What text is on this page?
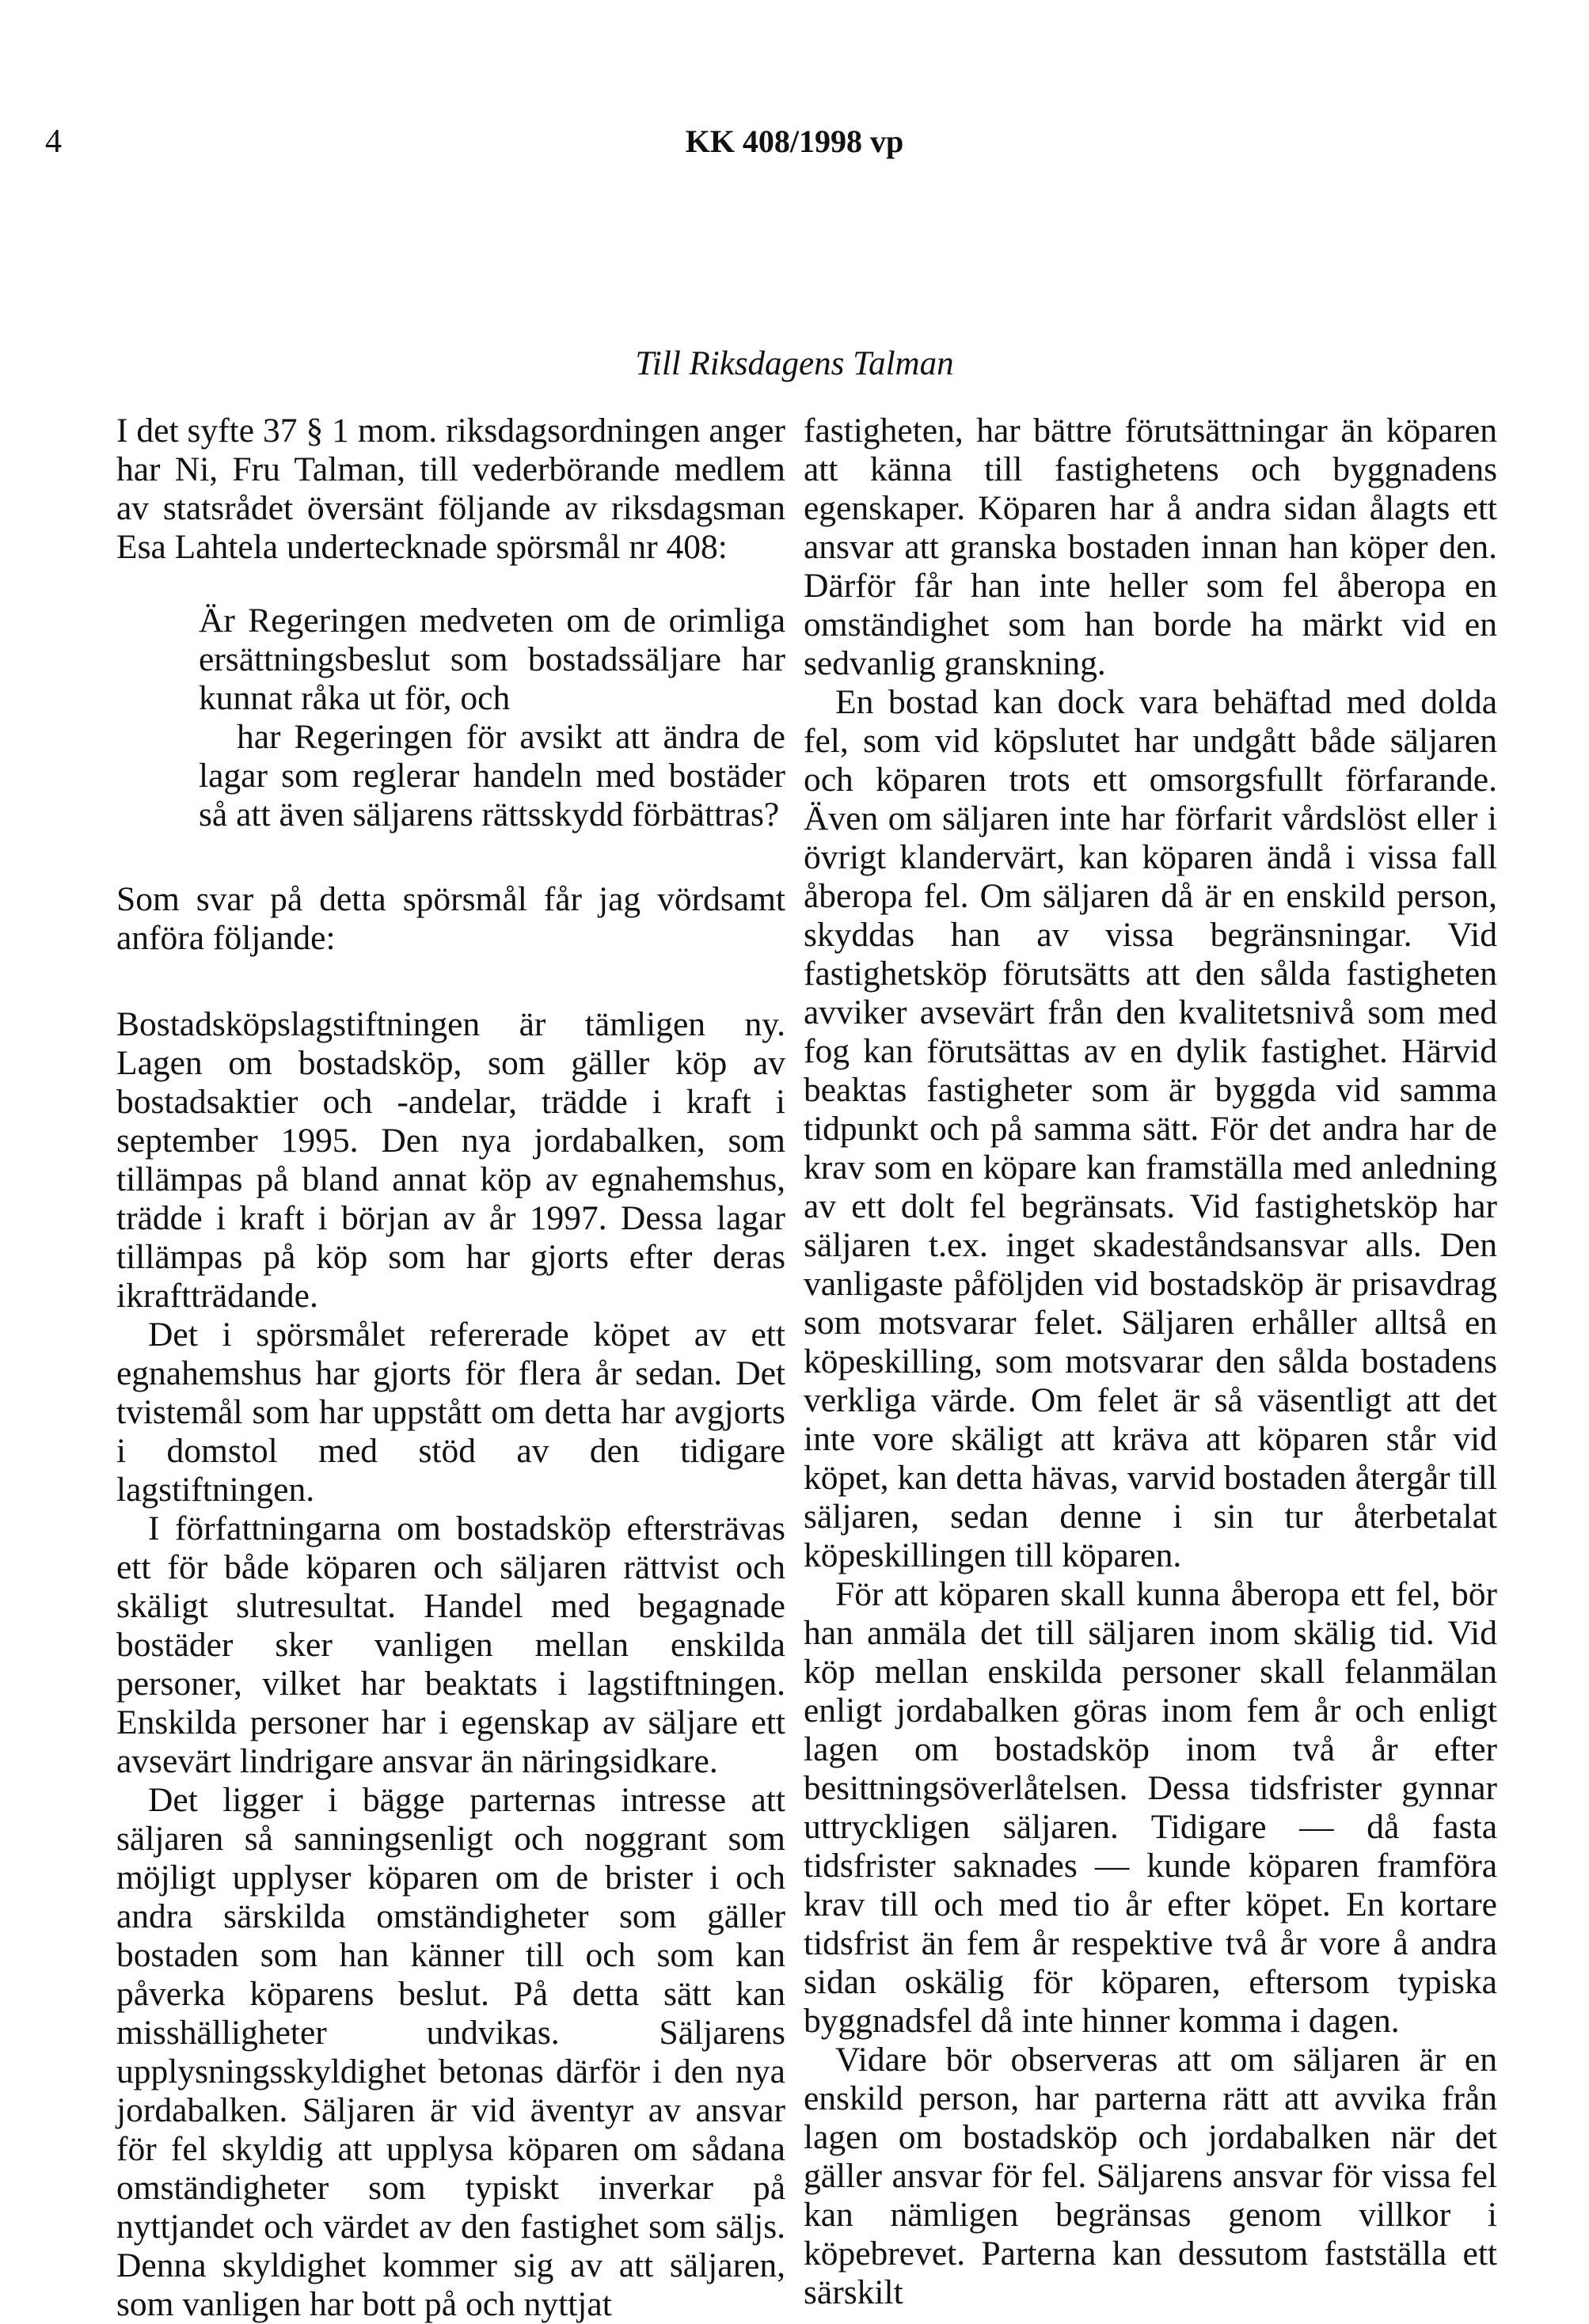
4	KK 408/1998 vp
Till Riksdagens Talman

I det syfte 37 § 1 mom. riksdagsordningen anger har Ni, Fru Talman, till vederbörande medlem av statsrådet översänt följande av riksdagsman Esa Lahtela undertecknade spörsmål nr 408:

Är Regeringen medveten om de orimliga ersättningsbeslut som bostadssäljare har kunnat råka ut för, och

har Regeringen för avsikt att ändra de lagar som reglerar handeln med bostäder så att även säljarens rättsskydd förbättras?

Som svar på detta spörsmål får jag vördsamt anföra följande:

Bostadsköpslagstiftningen är tämligen ny. Lagen om bostadsköp, som gäller köp av bostadsaktier och -andelar, trädde i kraft i september 1995. Den nya jordabalken, som tillämpas på bland annat köp av egnahemshus, trädde i kraft i början av år 1997. Dessa lagar tillämpas på köp som har gjorts efter deras ikraftträdande.

Det i spörsmålet refererade köpet av ett egnahemshus har gjorts för flera år sedan. Det tvistemål som har uppstått om detta har avgjorts i domstol med stöd av den tidigare lagstiftningen.

I författningarna om bostadsköp eftersträvas ett för både köparen och säljaren rättvist och skäligt slutresultat. Handel med begagnade bostäder sker vanligen mellan enskilda personer, vilket har beaktats i lagstiftningen. Enskilda personer har i egenskap av säljare ett avsevärt lindrigare ansvar än näringsidkare.

Det ligger i bägge parternas intresse att säljaren så sanningsenligt och noggrant som möjligt upplyser köparen om de brister i och andra särskilda omständigheter som gäller bostaden som han känner till och som kan påverka köparens beslut. På detta sätt kan misshälligheter undvikas. Säljarens upplysningsskyldighet betonas därför i den nya jordabalken. Säljaren är vid äventyr av ansvar för fel skyldig att upplysa köparen om sådana omständigheter som typiskt inverkar på nyttjandet och värdet av den fastighet som säljs. Denna skyldighet kommer sig av att säljaren, som vanligen har bott på och nyttjat

fastigheten, har bättre förutsättningar än köparen att känna till fastighetens och byggnadens egenskaper. Köparen har å andra sidan ålagts ett ansvar att granska bostaden innan han köper den. Därför får han inte heller som fel åberopa en omständighet som han borde ha märkt vid en sedvanlig granskning.

En bostad kan dock vara behäftad med dolda fel, som vid köpslutet har undgått både säljaren och köparen trots ett omsorgsfullt förfarande. Även om säljaren inte har förfarit vårdslöst eller i övrigt klandervärt, kan köparen ändå i vissa fall åberopa fel. Om säljaren då är en enskild person, skyddas han av vissa begränsningar. Vid fastighetsköp förutsätts att den sålda fastigheten avviker avsevärt från den kvalitetsnivå som med fog kan förutsättas av en dylik fastighet. Härvid beaktas fastigheter som är byggda vid samma tidpunkt och på samma sätt. För det andra har de krav som en köpare kan framställa med anledning av ett dolt fel begränsats. Vid fastighetsköp har säljaren t.ex. inget skadeståndsansvar alls. Den vanligaste påföljden vid bostadsköp är prisavdrag som motsvarar felet. Säljaren erhåller alltså en köpeskilling, som motsvarar den sålda bostadens verkliga värde. Om felet är så väsentligt att det inte vore skäligt att kräva att köparen står vid köpet, kan detta hävas, varvid bostaden återgår till säljaren, sedan denne i sin tur återbetalat köpeskillingen till köparen.

För att köparen skall kunna åberopa ett fel, bör han anmäla det till säljaren inom skälig tid. Vid köp mellan enskilda personer skall felanmälan enligt jordabalken göras inom fem år och enligt lagen om bostadsköp inom två år efter besittningsöverlåtelsen. Dessa tidsfrister gynnar uttryckligen säljaren. Tidigare — då fasta tidsfrister saknades — kunde köparen framföra krav till och med tio år efter köpet. En kortare tidsfrist än fem år respektive två år vore å andra sidan oskälig för köparen, eftersom typiska byggnadsfel då inte hinner komma i dagen.

Vidare bör observeras att om säljaren är en enskild person, har parterna rätt att avvika från lagen om bostadsköp och jordabalken när det gäller ansvar för fel. Säljarens ansvar för vissa fel kan nämligen begränsas genom villkor i köpebrevet. Parterna kan dessutom fastställa ett särskilt
